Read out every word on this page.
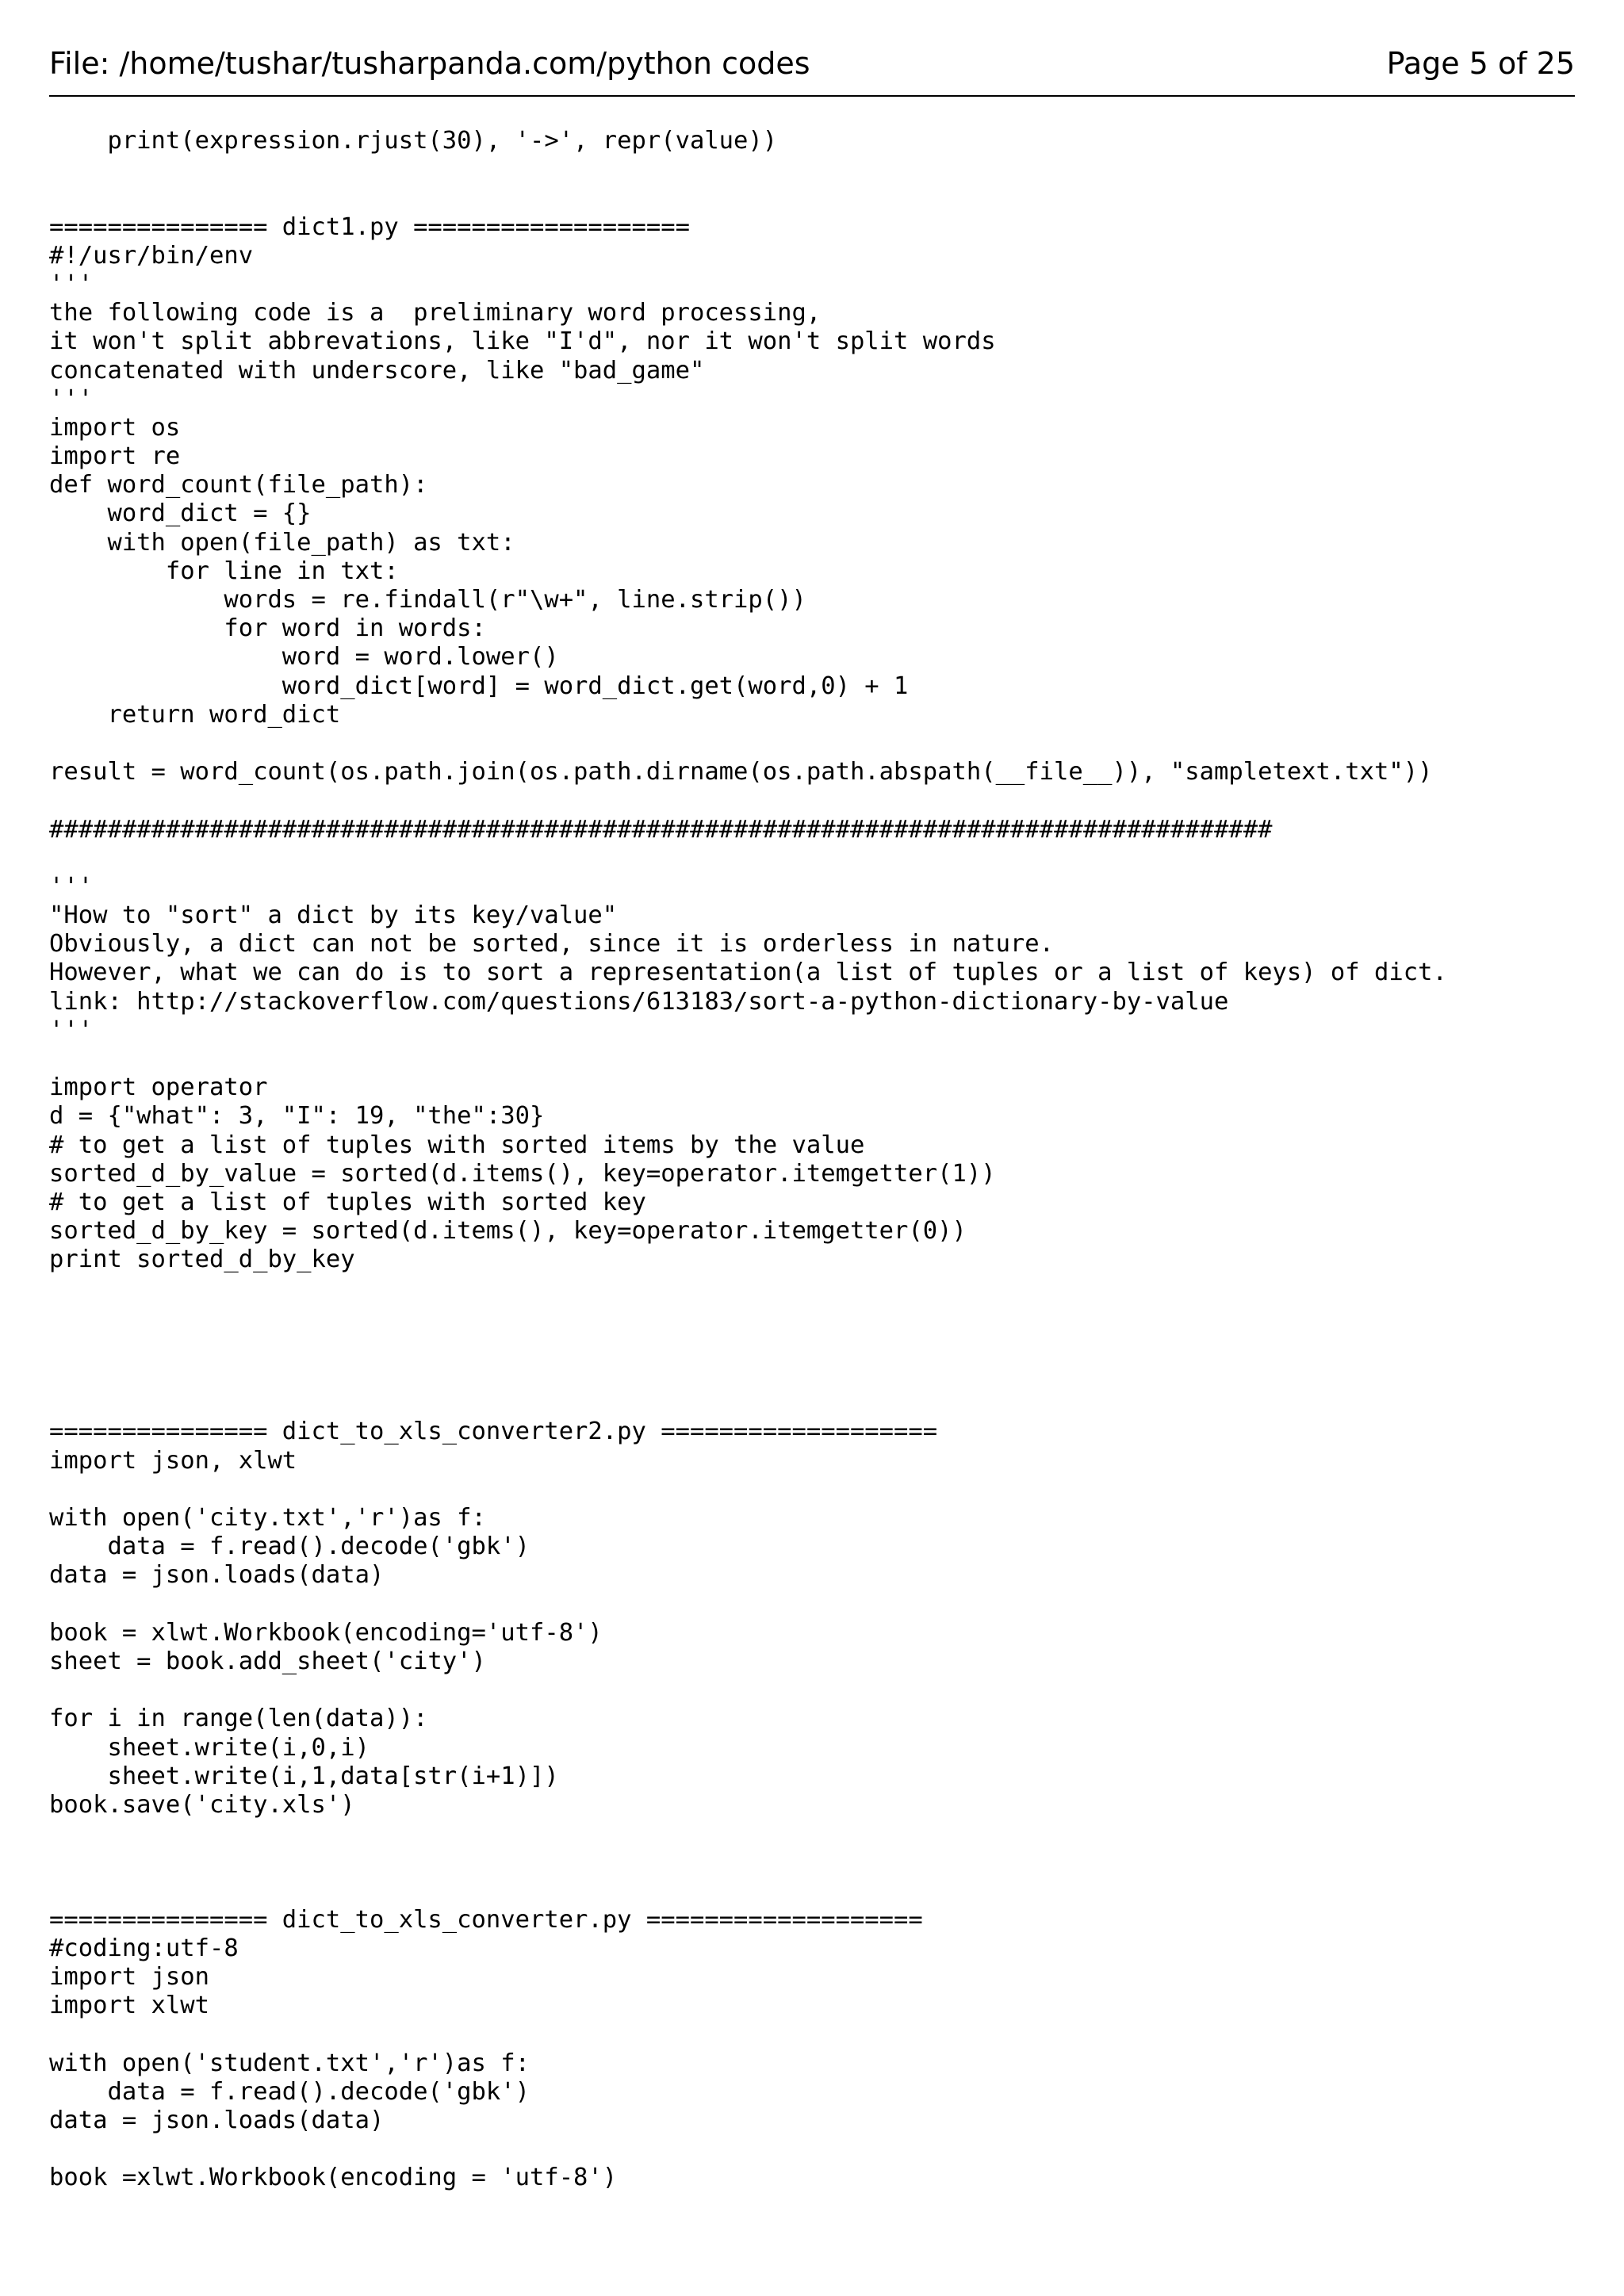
File: /home/tushar/tusharpanda.com/python codes	Page 5 of 25
print(expression.rjust(30), '->', repr(value))
=============== dict1.py ===================
#!/usr/bin/env
'''
the following code is a  preliminary word processing,
it won't split abbrevations, like "I'd", nor it won't split words
concatenated with underscore, like "bad_game"
'''
import os
import re
def word_count(file_path):
word_dict = {}
with open(file_path) as txt:
for line in txt:
words = re.findall(r"\w+", line.strip())
for word in words:
word = word.lower()
word_dict[word] = word_dict.get(word,0) + 1
return word_dict
result = word_count(os.path.join(os.path.dirname(os.path.abspath(__file__)), "sampletext.txt"))
####################################################################################
'''
"How to "sort" a dict by its key/value"
Obviously, a dict can not be sorted, since it is orderless in nature.
However, what we can do is to sort a representation(a list of tuples or a list of keys) of dict.
link: http://stackoverflow.com/questions/613183/sort-a-python-dictionary-by-value
'''
import operator
d = {"what": 3, "I": 19, "the":30}
# to get a list of tuples with sorted items by the value
sorted_d_by_value = sorted(d.items(), key=operator.itemgetter(1))
# to get a list of tuples with sorted key
sorted_d_by_key = sorted(d.items(), key=operator.itemgetter(0))
print sorted_d_by_key
=============== dict_to_xls_converter2.py ===================
import json, xlwt
with open('city.txt','r')as f:
data = f.read().decode('gbk')
data = json.loads(data)
book = xlwt.Workbook(encoding='utf-8')
sheet = book.add_sheet('city')
for i in range(len(data)):
sheet.write(i,0,i)
sheet.write(i,1,data[str(i+1)])
book.save('city.xls')
=============== dict_to_xls_converter.py ===================
#coding:utf-8
import json
import xlwt
with open('student.txt','r')as f:
data = f.read().decode('gbk')
data = json.loads(data)
book =xlwt.Workbook(encoding = 'utf-8')
